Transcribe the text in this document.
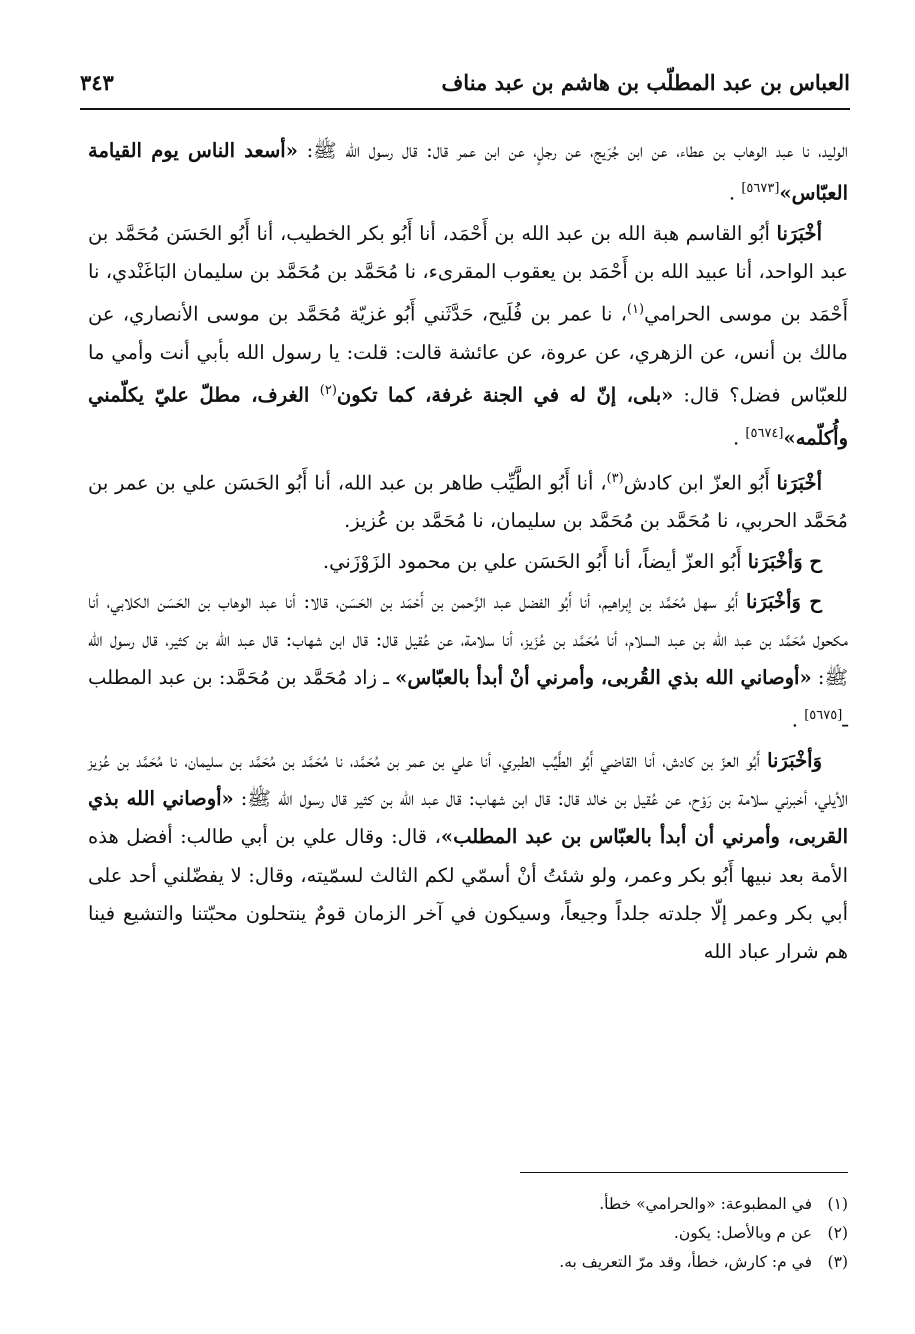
العباس بن عبد المطلّب بن هاشم بن عبد مناف
٣٤٣

الوليد، نا عبد الوهاب بن عطاء، عن ابن جُرَيج، عن رجلٍ، عن ابن عمر قال: قال رسول الله ﷺ: «أسعد الناس يوم القيامة العبّاس»[٥٦٧٣] .

أخْبَرَنا أبُو القاسم هبة الله بن عبد الله بن أَحْمَد، أنا أَبُو بكر الخطيب، أنا أَبُو الحَسَن مُحَمَّد بن عبد الواحد، أنا عبيد الله بن أَحْمَد بن يعقوب المقرىء، نا مُحَمَّد بن مُحَمَّد بن سليمان البَاغَنْدي، نا أَحْمَد بن موسى الحرامي$^{(١)}$، نا عمر بن فُلَيح، حَدَّثَني أَبُو غزيّة مُحَمَّد بن موسى الأنصاري، عن مالك بن أنس، عن الزهري، عن عروة، عن عائشة قالت: قلت: يا رسول الله بأبي أنت وأمي ما للعبّاس فضل؟ قال: «بلى، إنّ له في الجنة غرفة، كما تكون$^{(٢)}$ الغرف، مطلّ عليّ يكلّمني وأُكلّمه»[٥٦٧٤] .

أخْبَرَنا أَبُو العزّ ابن كادش$^{(٣)}$، أنا أَبُو الطَّيِّب طاهر بن عبد الله، أنا أَبُو الحَسَن علي بن عمر بن مُحَمَّد الحربي، نا مُحَمَّد بن مُحَمَّد بن سليمان، نا مُحَمَّد بن عُزيز.

ح وَأخْبَرَنا أَبُو العزّ أيضاً، أنا أَبُو الحَسَن علي بن محمود الزَوْزَني.

ح وَأخْبَرَنا أَبُو سهل مُحَمَّد بن إبراهيم، أنا أَبُو الفضل عبد الرَّحمن بن أَحْمَد بن الحَسَن، قالا: أنا عبد الوهاب بن الحَسَن الكلابي، أنا مكحول مُحَمَّد بن عبد الله بن عبد السلام، أنا مُحَمَّد بن عُزَيز، أنا سلامة، عن عُقيل قال: قال ابن شهاب: قال عبد الله بن كثير، قال رسول الله ﷺ: «أوصاني الله بذي القُربى، وأمرني أنْ أبدأ بالعبّاس» ـ زاد مُحَمَّد بن مُحَمَّد: بن عبد المطلب ـ[٥٦٧٥] .

وَأخْبَرَنا أَبُو العزّ بن كادش، أنا القاضي أَبُو الطَّيِّب الطبري، أنا علي بن عمر بن مُحَمَّد، نا مُحَمَّد بن مُحَمَّد بن سليمان، نا مُحَمَّد بن عُزيز الأيلي، أخبرني سلامة بن رَوْح، عن عُقيل بن خالد قال: قال ابن شهاب: قال عبد الله بن كثير قال رسول الله ﷺ: «أوصاني الله بذي القربى، وأمرني أن أبدأ بالعبّاس بن عبد المطلب»، قال: وقال علي بن أبي طالب: أفضل هذه الأمة بعد نبيها أَبُو بكر وعمر، ولو شئتُ أنْ أسمّي لكم الثالث لسمّيته، وقال: لا يفضّلني أحد على أبي بكر وعمر إلّا جلدته جلداً وجيعاً، وسيكون في آخر الزمان قومٌ ينتحلون محبّتنا والتشيع فينا هم شرار عباد الله

(١)في المطبوعة: «والحرامي» خطأ.
(٢)عن م وبالأصل: يكون.
(٣)في م: كارش، خطأ، وقد مرّ التعريف به.
